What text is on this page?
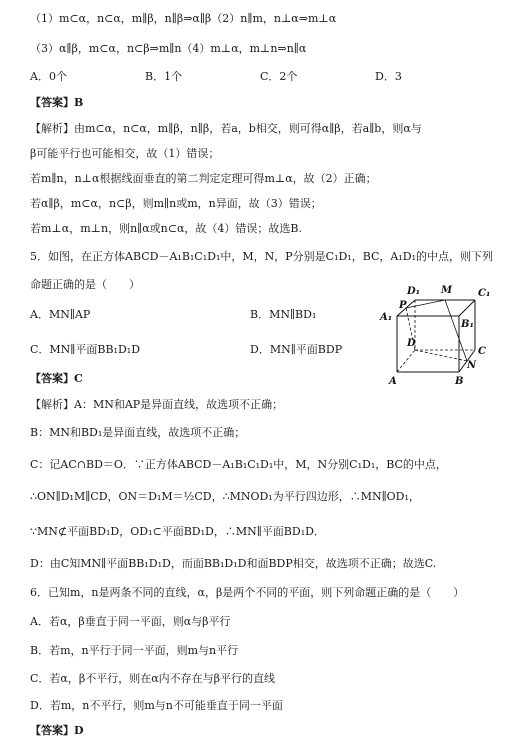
（1）m⊂α，n⊂α，m∥β，n∥β⇒α∥β（2）n∥m，n⊥α⇒m⊥α
（3）α∥β，m⊂α，n⊂β⇒m∥n（4）m⊥α，m⊥n⇒n∥α
A．0个	B．1个	C．2个	D．3
【答案】B
【解析】由m⊂α，n⊂α，m∥β，n∥β，若a，b相交，则可得α∥β，若a∥b，则α与
β可能平行也可能相交，故（1）错误；
若m∥n，n⊥α根据线面垂直的第二判定定理可得m⊥α，故（2）正确；
若α∥β，m⊂α，n⊂β，则m∥n或m，n异面，故（3）错误；
若m⊥α，m⊥n，则n∥α或n⊂α，故（4）错误；故选B.
5．如图，在正方体ABCD－A₁B₁C₁D₁中，M，N，P分别是C₁D₁，BC，A₁D₁的中点，则下列
命题正确的是（　　）
A．MN∥AP	B．MN∥BD₁
C．MN∥平面BB₁D₁D	D．MN∥平面BDP
D₁ M	C₁
P
A₁
B₁
D
C
N
A	B
【答案】C
【解析】A：MN和AP是异面直线，故选项不正确；
B：MN和BD₁是异面直线，故选项不正确；
C：记AC∩BD＝O．∵正方体ABCD－A₁B₁C₁D₁中，M，N分别C₁D₁，BC的中点，
∴ON∥D₁M∥CD，ON＝D₁M＝½CD，∴MNOD₁为平行四边形，∴MN∥OD₁，
∵MN⊄平面BD₁D，OD₁⊂平面BD₁D，∴MN∥平面BD₁D．
D：由C知MN∥平面BB₁D₁D，而面BB₁D₁D和面BDP相交，故选项不正确；故选C.
6．已知m，n是两条不同的直线，α，β是两个不同的平面，则下列命题正确的是（　　）
A．若α，β垂直于同一平面，则α与β平行
B．若m，n平行于同一平面，则m与n平行
C．若α，β不平行，则在α内不存在与β平行的直线
D．若m，n不平行，则m与n不可能垂直于同一平面
【答案】D
